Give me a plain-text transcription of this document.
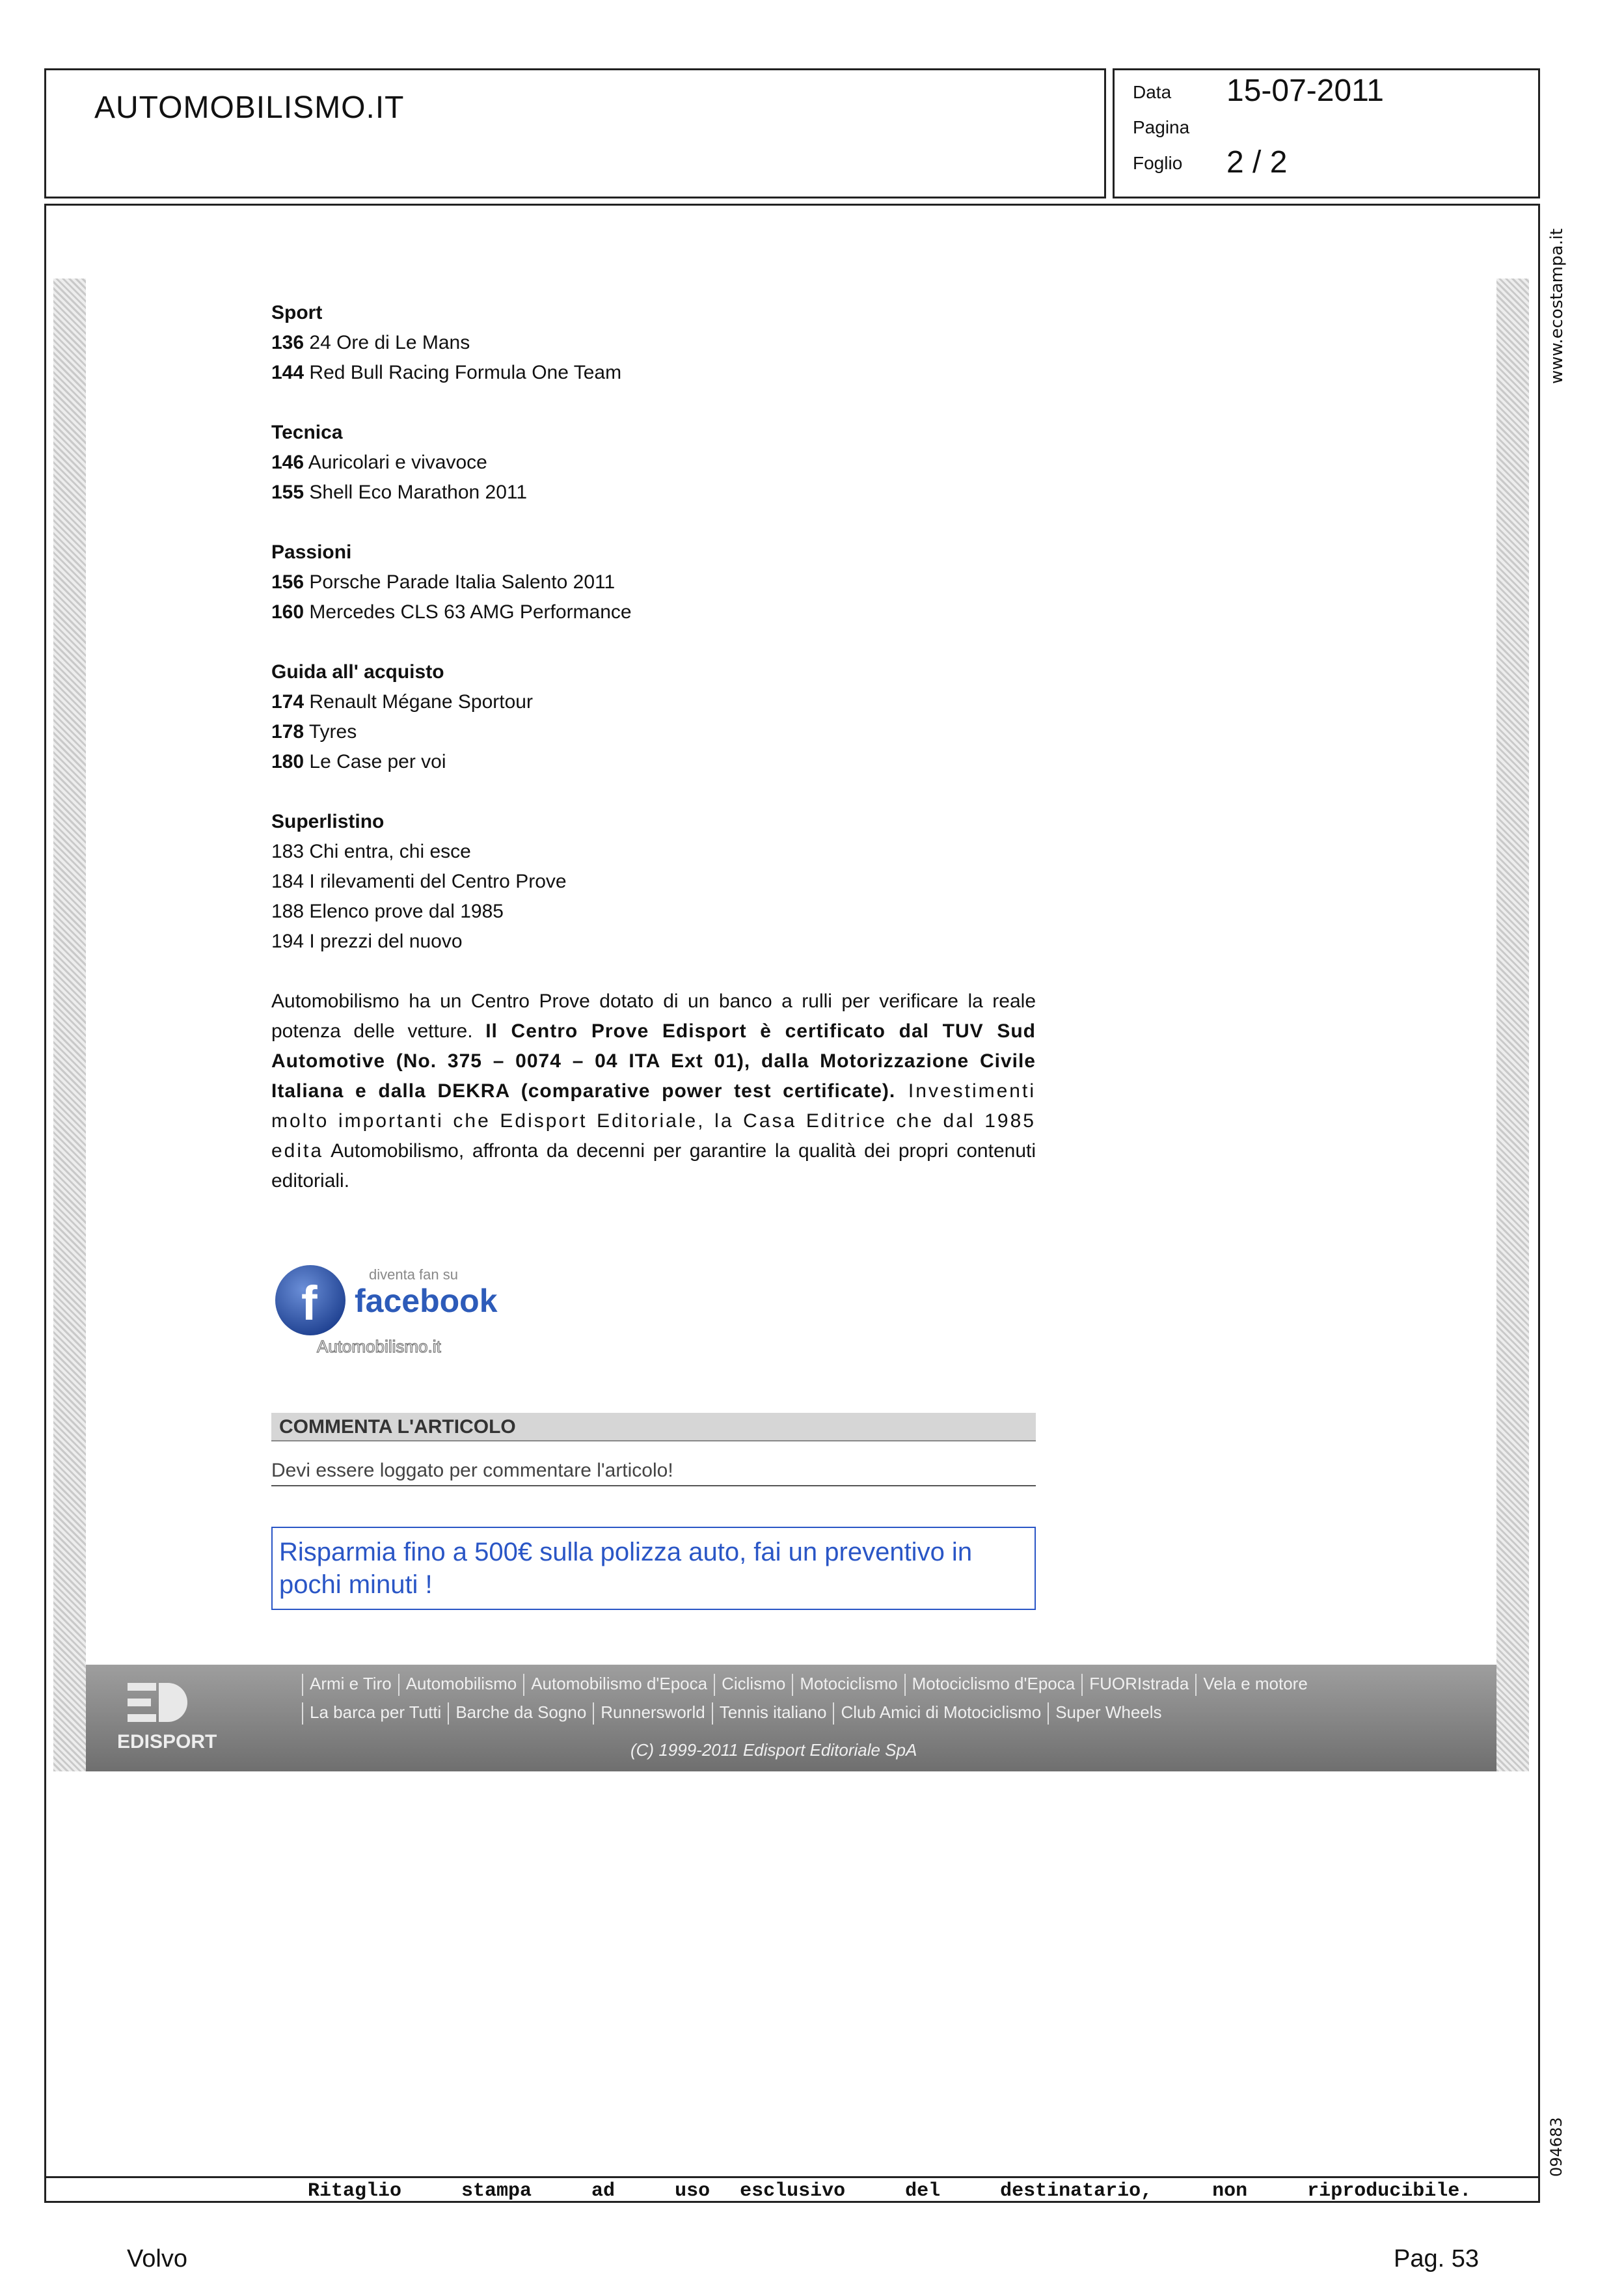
AUTOMOBILISMO.IT	Data 15-07-2011
Pagina
Foglio 2 / 2
Sport
136 24 Ore di Le Mans
144 Red Bull Racing Formula One Team
Tecnica
146 Auricolari e vivavoce
155 Shell Eco Marathon 2011
Passioni
156 Porsche Parade Italia Salento 2011
160 Mercedes CLS 63 AMG Performance
Guida all' acquisto
174 Renault Mégane Sportour
178 Tyres
180 Le Case per voi
Superlistino
183 Chi entra, chi esce
184 I rilevamenti del Centro Prove
188 Elenco prove dal 1985
194 I prezzi del nuovo

Automobilismo ha un Centro Prove dotato di un banco a rulli per verificare la reale potenza delle vetture. Il Centro Prove Edisport è certificato dal TUV Sud Automotive (No. 375 – 0074 – 04 ITA Ext 01), dalla Motorizzazione Civile Italiana e dalla DEKRA (comparative power test certificate). Investimenti molto importanti che Edisport Editoriale, la Casa Editrice che dal 1985 edita Automobilismo, affronta da decenni per garantire la qualità dei propri contenuti editoriali.

f
diventa fan su
facebook
Automobilismo.it
COMMENTA L'ARTICOLO
Devi essere loggato per commentare l'articolo!
Risparmia fino a 500€ sulla polizza auto, fai un preventivo in pochi minuti !
EDISPORT
Armi e Tiro Automobilismo Automobilismo d'Epoca Ciclismo Motociclismo Motociclismo d'Epoca FUORIstrada Vela e motore
La barca per Tutti Barche da Sogno Runnersworld Tennis italiano Club Amici di Motociclismo Super Wheels
(C) 1999-2011 Edisport Editoriale SpA
Ritaglio  stampa  ad  uso esclusivo  del  destinatario,  non  riproducibile.
www.ecostampa.it
094683
Volvo	Pag. 53
